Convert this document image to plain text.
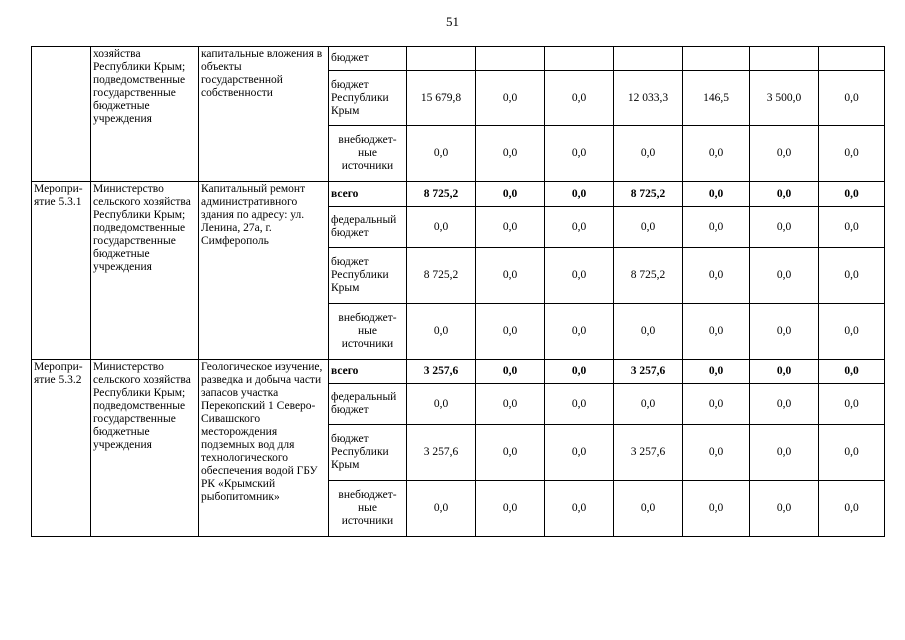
51
	хозяйства Республики Крым; подведомственные государственные бюджетные учреждения	капитальные вложения в объекты государственной собственности	бюджет							
			бюджет Республики Крым	15 679,8	0,0	0,0	12 033,3	146,5	3 500,0	0,0
			внебюджет-ные источники	0,0	0,0	0,0	0,0	0,0	0,0	0,0
Меропри-ятие 5.3.1	Министерство сельского хозяйства Республики Крым; подведомственные государственные бюджетные учреждения	Капитальный ремонт административного здания по адресу: ул. Ленина, 27а, г. Симферополь	всего	8 725,2	0,0	0,0	8 725,2	0,0	0,0	0,0
			федеральный бюджет	0,0	0,0	0,0	0,0	0,0	0,0	0,0
			бюджет Республики Крым	8 725,2	0,0	0,0	8 725,2	0,0	0,0	0,0
			внебюджет-ные источники	0,0	0,0	0,0	0,0	0,0	0,0	0,0
Меропри-ятие 5.3.2	Министерство сельского хозяйства Республики Крым; подведомственные государственные бюджетные учреждения	Геологическое изучение, разведка и добыча части запасов участка Перекопский 1 Северо-Сивашского месторождения подземных вод для технологического обеспечения водой ГБУ РК «Крымский рыбопитомник»	всего	3 257,6	0,0	0,0	3 257,6	0,0	0,0	0,0
			федеральный бюджет	0,0	0,0	0,0	0,0	0,0	0,0	0,0
			бюджет Республики Крым	3 257,6	0,0	0,0	3 257,6	0,0	0,0	0,0
			внебюджет-ные источники	0,0	0,0	0,0	0,0	0,0	0,0	0,0
